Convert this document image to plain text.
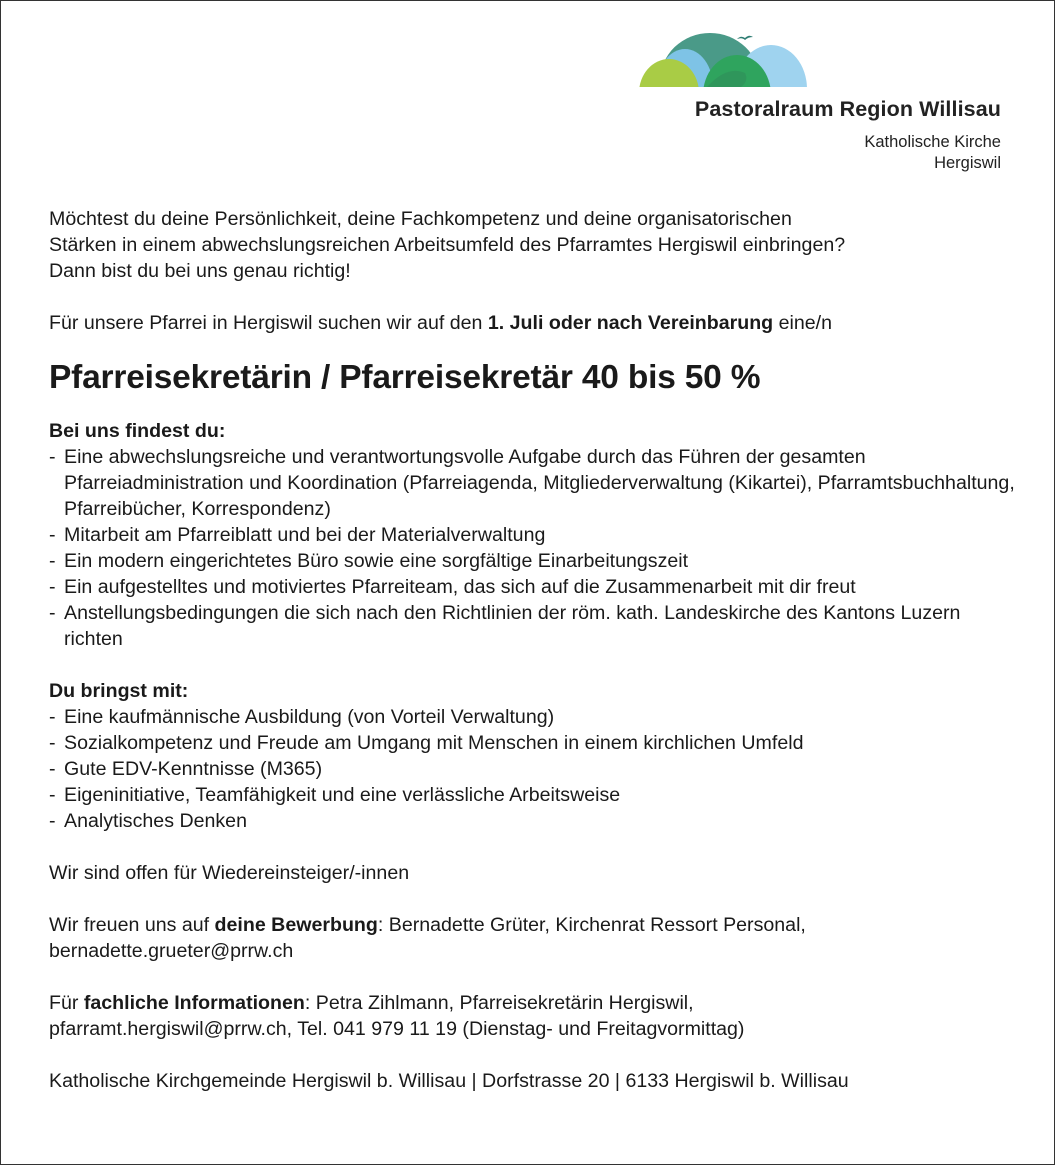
Pastoralraum Region Willisau
Katholische Kirche
Hergiswil

Möchtest du deine Persönlichkeit, deine Fachkompetenz und deine organisatorischen

Stärken in einem abwechslungsreichen Arbeitsumfeld des Pfarramtes Hergiswil einbringen?

Dann bist du bei uns genau richtig!

Für unsere Pfarrei in Hergiswil suchen wir auf den 1. Juli oder nach Vereinbarung eine/n

Pfarreisekretärin / Pfarreisekretär 40 bis 50 %
Bei uns findest du:
- Eine abwechslungsreiche und verantwortungsvolle Aufgabe durch das Führen der gesamten Pfarreiadministration und Koordination (Pfarreiagenda, Mitgliederverwaltung (Kikartei), Pfarramtsbuchhaltung, Pfarreibücher, Korrespondenz)
- Mitarbeit am Pfarreiblatt und bei der Materialverwaltung
- Ein modern eingerichtetes Büro sowie eine sorgfältige Einarbeitungszeit
- Ein aufgestelltes und motiviertes Pfarreiteam, das sich auf die Zusammenarbeit mit dir freut
- Anstellungsbedingungen die sich nach den Richtlinien der röm. kath. Landeskirche des Kantons Luzern richten
Du bringst mit:
- Eine kaufmännische Ausbildung (von Vorteil Verwaltung)
- Sozialkompetenz und Freude am Umgang mit Menschen in einem kirchlichen Umfeld
- Gute EDV-Kenntnisse (M365)
- Eigeninitiative, Teamfähigkeit und eine verlässliche Arbeitsweise
- Analytisches Denken

Wir sind offen für Wiedereinsteiger/-innen

Wir freuen uns auf deine Bewerbung: Bernadette Grüter, Kirchenrat Ressort Personal,

bernadette.grueter@prrw.ch

Für fachliche Informationen: Petra Zihlmann, Pfarreisekretärin Hergiswil,

pfarramt.hergiswil@prrw.ch, Tel. 041 979 11 19 (Dienstag- und Freitagvormittag)

Katholische Kirchgemeinde Hergiswil b. Willisau | Dorfstrasse 20 | 6133 Hergiswil b. Willisau
